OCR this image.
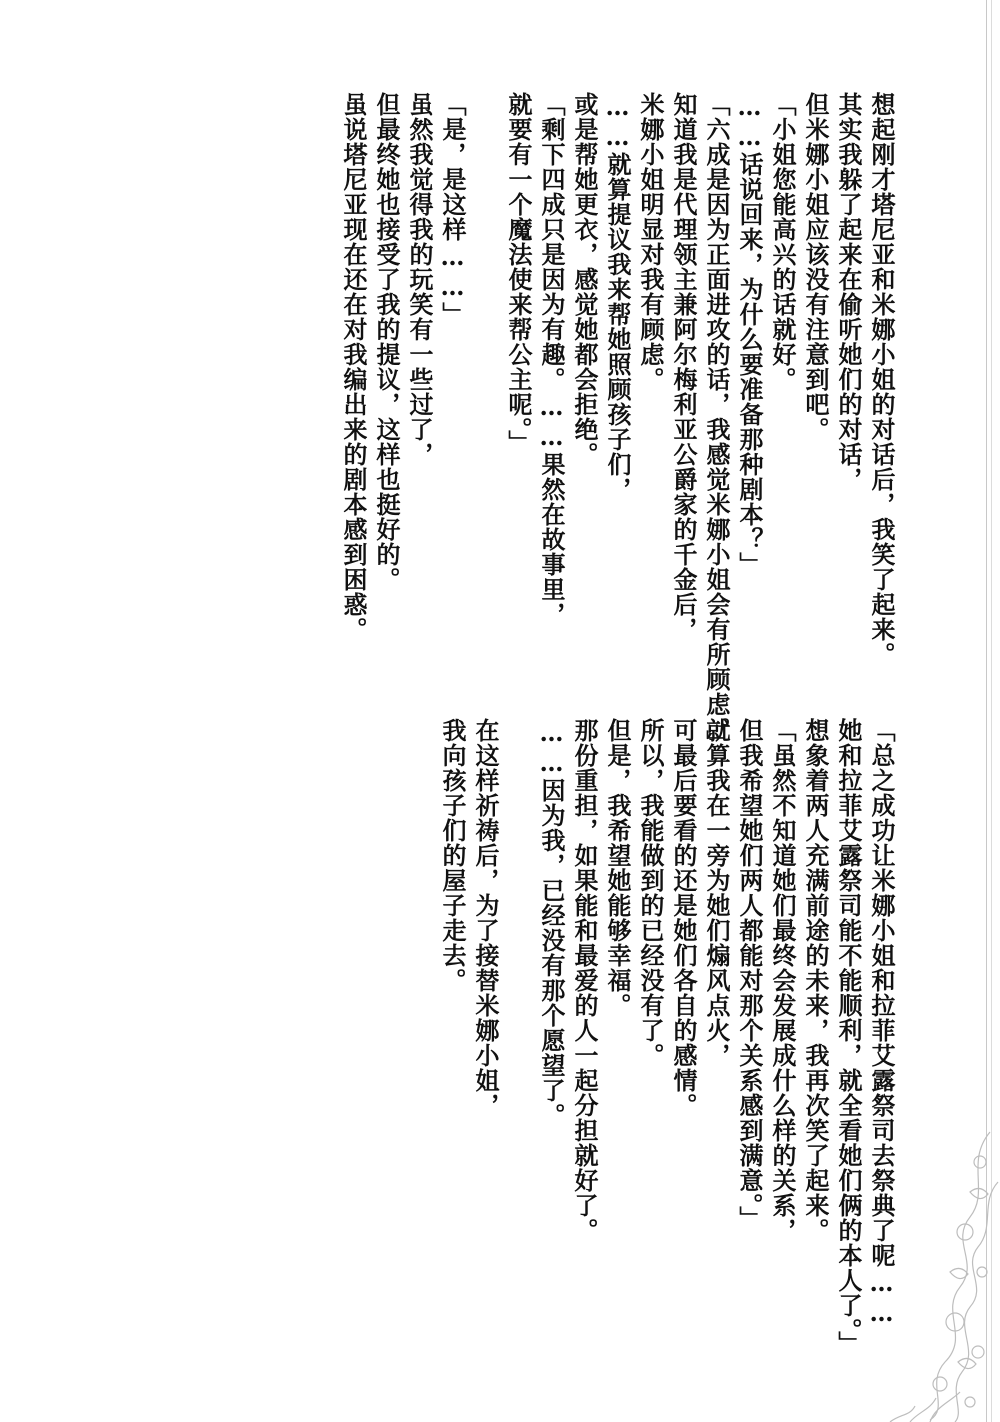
想起刚才塔尼亚和米娜小姐的对话后，我笑了起来。
其实我躲了起来在偷听她们的对话，
但米娜小姐应该没有注意到吧。
「小姐您能高兴的话就好。
……话说回来，为什么要准备那种剧本？」
「六成是因为正面进攻的话，我感觉米娜小姐会有所顾虑。」
知道我是代理领主兼阿尔梅利亚公爵家的千金后，
米娜小姐明显对我有顾虑。
……就算提议我来帮她照顾孩子们，
或是帮她更衣，感觉她都会拒绝。
「剩下四成只是因为有趣。……果然在故事里，
就要有一个魔法使来帮公主呢。」
「是，是这样……」
虽然我觉得我的玩笑有一些过了，
但最终她也接受了我的提议，这样也挺好的。
虽说塔尼亚现在还在对我编出来的剧本感到困惑。
「总之成功让米娜小姐和拉菲艾露祭司去祭典了呢……
她和拉菲艾露祭司能不能顺利，就全看她们俩的本人了。」
想象着两人充满前途的未来，我再次笑了起来。
「虽然不知道她们最终会发展成什么样的关系，
但我希望她们两人都能对那个关系感到满意。」
就算我在一旁为她们煽风点火，
可最后要看的还是她们各自的感情。
所以，我能做到的已经没有了。
但是，我希望她能够幸福。
那份重担，如果能和最爱的人一起分担就好了。
……因为我，已经没有那个愿望了。
在这样祈祷后，为了接替米娜小姐，
我向孩子们的屋子走去。
